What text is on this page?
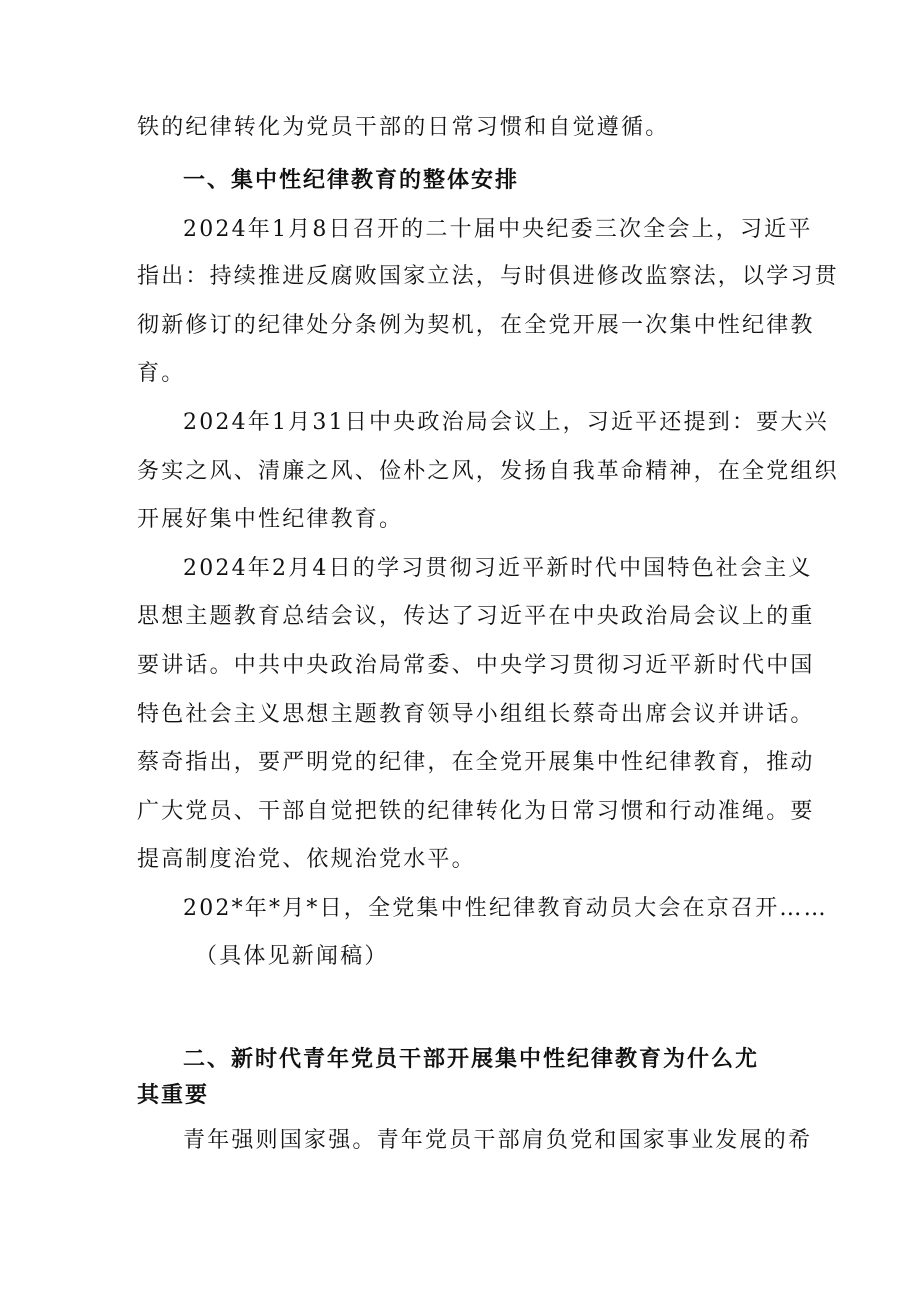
铁的纪律转化为党员干部的日常习惯和自觉遵循。
一、集中性纪律教育的整体安排
2024年1月8日召开的二十届中央纪委三次全会上，习近平
指出：持续推进反腐败国家立法，与时俱进修改监察法，以学习贯
彻新修订的纪律处分条例为契机，在全党开展一次集中性纪律教
育。
2024年1月31日中央政治局会议上，习近平还提到：要大兴
务实之风、清廉之风、俭朴之风，发扬自我革命精神，在全党组织
开展好集中性纪律教育。
2024年2月4日的学习贯彻习近平新时代中国特色社会主义
思想主题教育总结会议，传达了习近平在中央政治局会议上的重
要讲话。中共中央政治局常委、中央学习贯彻习近平新时代中国
特色社会主义思想主题教育领导小组组长蔡奇出席会议并讲话。
蔡奇指出，要严明党的纪律，在全党开展集中性纪律教育，推动
广大党员、干部自觉把铁的纪律转化为日常习惯和行动准绳。要
提高制度治党、依规治党水平。
202*年*月*日，全党集中性纪律教育动员大会在京召开……
（具体见新闻稿）
二、新时代青年党员干部开展集中性纪律教育为什么尤
其重要
青年强则国家强。青年党员干部肩负党和国家事业发展的希
